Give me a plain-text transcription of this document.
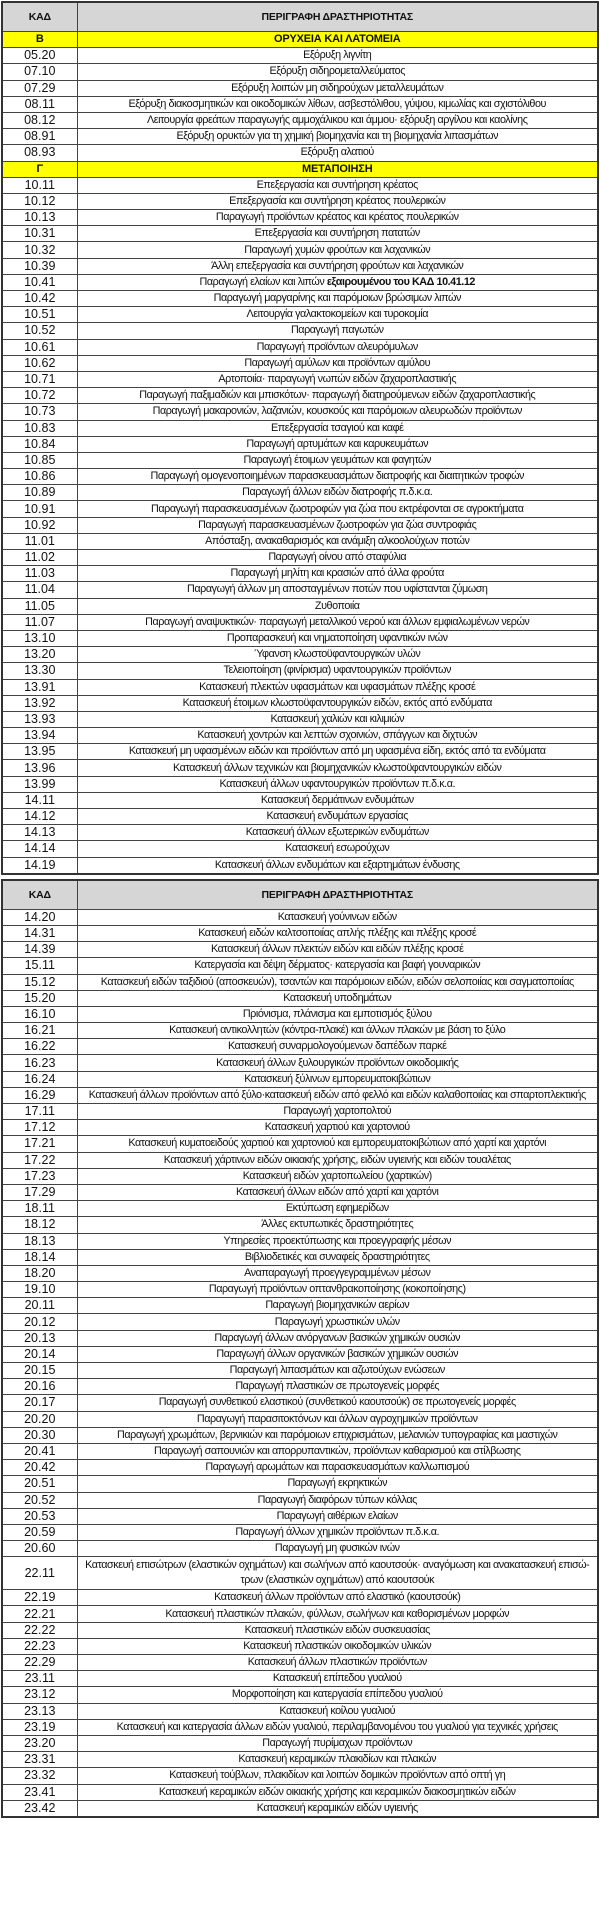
ΚΑΔ	ΠΕΡΙΓΡΑΦΗ ΔΡΑΣΤΗΡΙΟΤΗΤΑΣ
Β	ΟΡΥΧΕΙΑ ΚΑΙ ΛΑΤΟΜΕΙΑ
05.20	Εξόρυξη λιγνίτη
07.10	Εξόρυξη σιδηρομεταλλεύματος
07.29	Εξόρυξη λοιπών μη σιδηρούχων μεταλλευμάτων
08.11	Εξόρυξη διακοσμητικών και οικοδομικών λίθων, ασβεστόλιθου, γύψου, κιμωλίας και σχιστόλιθου
08.12	Λειτουργία φρεάτων παραγωγής αμμοχάλικου και άμμου· εξόρυξη αργίλου και καολίνης
08.91	Εξόρυξη ορυκτών για τη χημική βιομηχανία και τη βιομηχανία λιπασμάτων
08.93	Εξόρυξη αλατιού
Γ	ΜΕΤΑΠΟΙΗΣΗ
10.11	Επεξεργασία και συντήρηση κρέατος
10.12	Επεξεργασία και συντήρηση κρέατος πουλερικών
10.13	Παραγωγή προϊόντων κρέατος και κρέατος πουλερικών
10.31	Επεξεργασία και συντήρηση πατατών
10.32	Παραγωγή χυμών φρούτων και λαχανικών
10.39	Άλλη επεξεργασία και συντήρηση φρούτων και λαχανικών
10.41	Παραγωγή ελαίων και λιπών εξαιρουμένου του ΚΑΔ 10.41.12
10.42	Παραγωγή μαργαρίνης και παρόμοιων βρώσιμων λιπών
10.51	Λειτουργία γαλακτοκομείων και τυροκομία
10.52	Παραγωγή παγωτών
10.61	Παραγωγή προϊόντων αλευρόμυλων
10.62	Παραγωγή αμύλων και προϊόντων αμύλου
10.71	Αρτοποιία· παραγωγή νωπών ειδών ζαχαροπλαστικής
10.72	Παραγωγή παξιμαδιών και μπισκότων· παραγωγή διατηρούμενων ειδών ζαχαροπλαστικής
10.73	Παραγωγή μακαρονιών, λαζανιών, κουσκούς και παρόμοιων αλευρωδών προϊόντων
10.83	Επεξεργασία τσαγιού και καφέ
10.84	Παραγωγή αρτυμάτων και καρυκευμάτων
10.85	Παραγωγή έτοιμων γευμάτων και φαγητών
10.86	Παραγωγή ομογενοποιημένων παρασκευασμάτων διατροφής και διαιτητικών τροφών
10.89	Παραγωγή άλλων ειδών διατροφής π.δ.κ.α.
10.91	Παραγωγή παρασκευασμένων ζωοτροφών για ζώα που εκτρέφονται σε αγροκτήματα
10.92	Παραγωγή παρασκευασμένων ζωοτροφών για ζώα συντροφιάς
11.01	Απόσταξη, ανακαθαρισμός και ανάμιξη αλκοολούχων ποτών
11.02	Παραγωγή οίνου από σταφύλια
11.03	Παραγωγή μηλίτη και κρασιών από άλλα φρούτα
11.04	Παραγωγή άλλων μη αποσταγμένων ποτών που υφίστανται ζύμωση
11.05	Ζυθοποιία
11.07	Παραγωγή αναψυκτικών· παραγωγή μεταλλικού νερού και άλλων εμφιαλωμένων νερών
13.10	Προπαρασκευή και νηματοποίηση υφαντικών ινών
13.20	Ύφανση κλωστοϋφαντουργικών υλών
13.30	Τελειοποίηση (φινίρισμα) υφαντουργικών προϊόντων
13.91	Κατασκευή πλεκτών υφασμάτων και υφασμάτων πλέξης κροσέ
13.92	Κατασκευή έτοιμων κλωστοϋφαντουργικών ειδών, εκτός από ενδύματα
13.93	Κατασκευή χαλιών και κιλιμιών
13.94	Κατασκευή χοντρών και λεπτών σχοινιών, σπάγγων και διχτυών
13.95	Κατασκευή μη υφασμένων ειδών και προϊόντων από μη υφασμένα είδη, εκτός από τα ενδύματα
13.96	Κατασκευή άλλων τεχνικών και βιομηχανικών κλωστοϋφαντουργικών ειδών
13.99	Κατασκευή άλλων υφαντουργικών προϊόντων π.δ.κ.α.
14.11	Κατασκευή δερμάτινων ενδυμάτων
14.12	Κατασκευή ενδυμάτων εργασίας
14.13	Κατασκευή άλλων εξωτερικών ενδυμάτων
14.14	Κατασκευή εσωρούχων
14.19	Κατασκευή άλλων ενδυμάτων και εξαρτημάτων ένδυσης
ΚΑΔ	ΠΕΡΙΓΡΑΦΗ ΔΡΑΣΤΗΡΙΟΤΗΤΑΣ
14.20	Κατασκευή γούνινων ειδών
14.31	Κατασκευή ειδών καλτσοποιίας απλής πλέξης και πλέξης κροσέ
14.39	Κατασκευή άλλων πλεκτών ειδών και ειδών πλέξης κροσέ
15.11	Κατεργασία και δέψη δέρματος· κατεργασία και βαφή γουναρικών
15.12	Κατασκευή ειδών ταξιδιού (αποσκευών), τσαντών και παρόμοιων ειδών, ειδών σελοποιίας και σαγματοποιίας
15.20	Κατασκευή υποδημάτων
16.10	Πριόνισμα, πλάνισμα και εμποτισμός ξύλου
16.21	Κατασκευή αντικολλητών (κόντρα-πλακέ) και άλλων πλακών με βάση το ξύλο
16.22	Κατασκευή συναρμολογούμενων δαπέδων παρκέ
16.23	Κατασκευή άλλων ξυλουργικών προϊόντων οικοδομικής
16.24	Κατασκευή ξύλινων εμπορευματοκιβώτιων
16.29	Κατασκευή άλλων προϊόντων από ξύλο·κατασκευή ειδών από φελλό και ειδών καλαθοποιίας και σπαρτοπλεκτικής
17.11	Παραγωγή χαρτοπολτού
17.12	Κατασκευή χαρτιού και χαρτονιού
17.21	Κατασκευή κυματοειδούς χαρτιού και χαρτονιού και εμπορευματοκιβώτιων από χαρτί και χαρτόνι
17.22	Κατασκευή χάρτινων ειδών οικιακής χρήσης, ειδών υγιεινής και ειδών τουαλέτας
17.23	Κατασκευή ειδών χαρτοπωλείου (χαρτικών)
17.29	Κατασκευή άλλων ειδών από χαρτί και χαρτόνι
18.11	Εκτύπωση εφημερίδων
18.12	Άλλες εκτυπωτικές δραστηριότητες
18.13	Υπηρεσίες προεκτύπωσης και προεγγραφής μέσων
18.14	Βιβλιοδετικές και συναφείς δραστηριότητες
18.20	Αναπαραγωγή προεγγεγραμμένων μέσων
19.10	Παραγωγή προϊόντων οπτανθρακοποίησης (κοκοποίησης)
20.11	Παραγωγή βιομηχανικών αερίων
20.12	Παραγωγή χρωστικών υλών
20.13	Παραγωγή άλλων ανόργανων βασικών χημικών ουσιών
20.14	Παραγωγή άλλων οργανικών βασικών χημικών ουσιών
20.15	Παραγωγή λιπασμάτων και αζωτούχων ενώσεων
20.16	Παραγωγή πλαστικών σε πρωτογενείς μορφές
20.17	Παραγωγή συνθετικού ελαστικού (συνθετικού καουτσούκ) σε πρωτογενείς μορφές
20.20	Παραγωγή παρασιτοκτόνων και άλλων αγροχημικών προϊόντων
20.30	Παραγωγή χρωμάτων, βερνικιών και παρόμοιων επιχρισμάτων, μελανιών τυπογραφίας και μαστιχών
20.41	Παραγωγή σαπουνιών και απορρυπαντικών, προϊόντων καθαρισμού και στίλβωσης
20.42	Παραγωγή αρωμάτων και παρασκευασμάτων καλλωπισμού
20.51	Παραγωγή εκρηκτικών
20.52	Παραγωγή διαφόρων τύπων κόλλας
20.53	Παραγωγή αιθέριων ελαίων
20.59	Παραγωγή άλλων χημικών προϊόντων π.δ.κ.α.
20.60	Παραγωγή μη φυσικών ινών
22.11	Κατασκευή επισώτρων (ελαστικών οχημάτων) και σωλήνων από καουτσούκ· αναγόμωση και ανακατασκευή επισώ-τρων (ελαστικών οχημάτων) από καουτσούκ
22.19	Κατασκευή άλλων προϊόντων από ελαστικό (καουτσούκ)
22.21	Κατασκευή πλαστικών πλακών, φύλλων, σωλήνων και καθορισμένων μορφών
22.22	Κατασκευή πλαστικών ειδών συσκευασίας
22.23	Κατασκευή πλαστικών οικοδομικών υλικών
22.29	Κατασκευή άλλων πλαστικών προϊόντων
23.11	Κατασκευή επίπεδου γυαλιού
23.12	Μορφοποίηση και κατεργασία επίπεδου γυαλιού
23.13	Κατασκευή κοίλου γυαλιού
23.19	Κατασκευή και κατεργασία άλλων ειδών γυαλιού, περιλαμβανομένου του γυαλιού για τεχνικές χρήσεις
23.20	Παραγωγή πυρίμαχων προϊόντων
23.31	Κατασκευή κεραμικών πλακιδίων και πλακών
23.32	Κατασκευή τούβλων, πλακιδίων και λοιπών δομικών προϊόντων από οπτή γη
23.41	Κατασκευή κεραμικών ειδών οικιακής χρήσης και κεραμικών διακοσμητικών ειδών
23.42	Κατασκευή κεραμικών ειδών υγιεινής
